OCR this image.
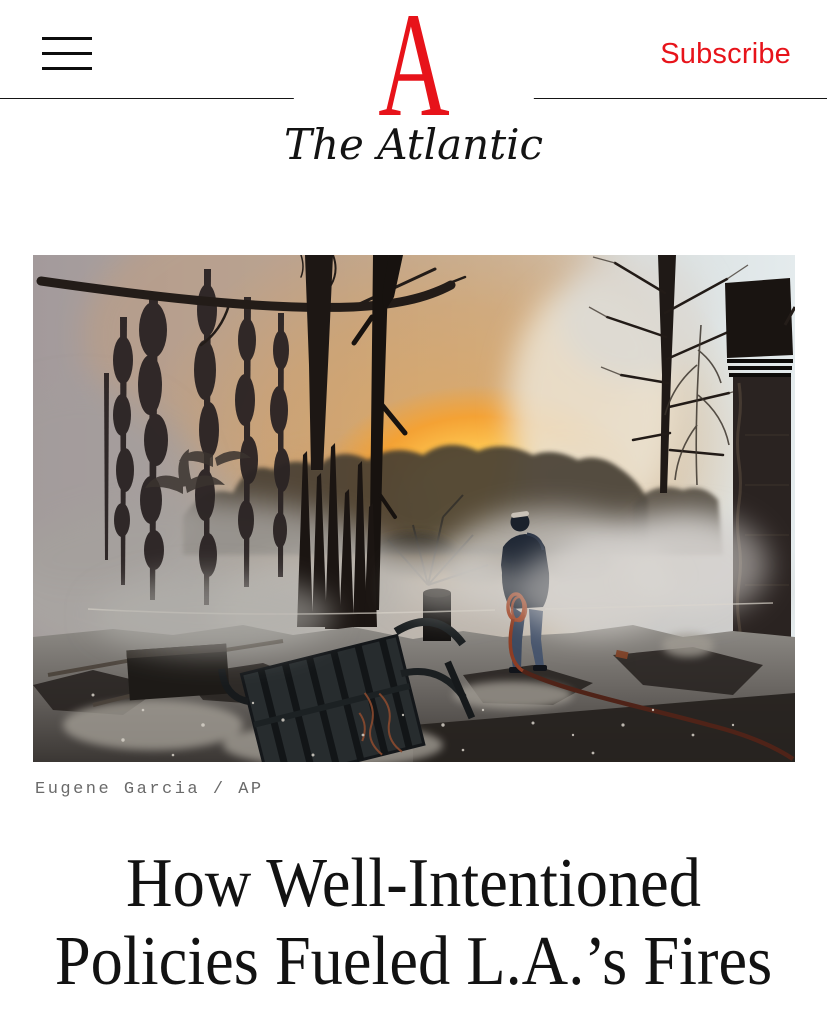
Subscribe
A
The Atlantic
Eugene Garcia / AP
How Well-Intentioned
Policies Fueled L.A.’s Fires
